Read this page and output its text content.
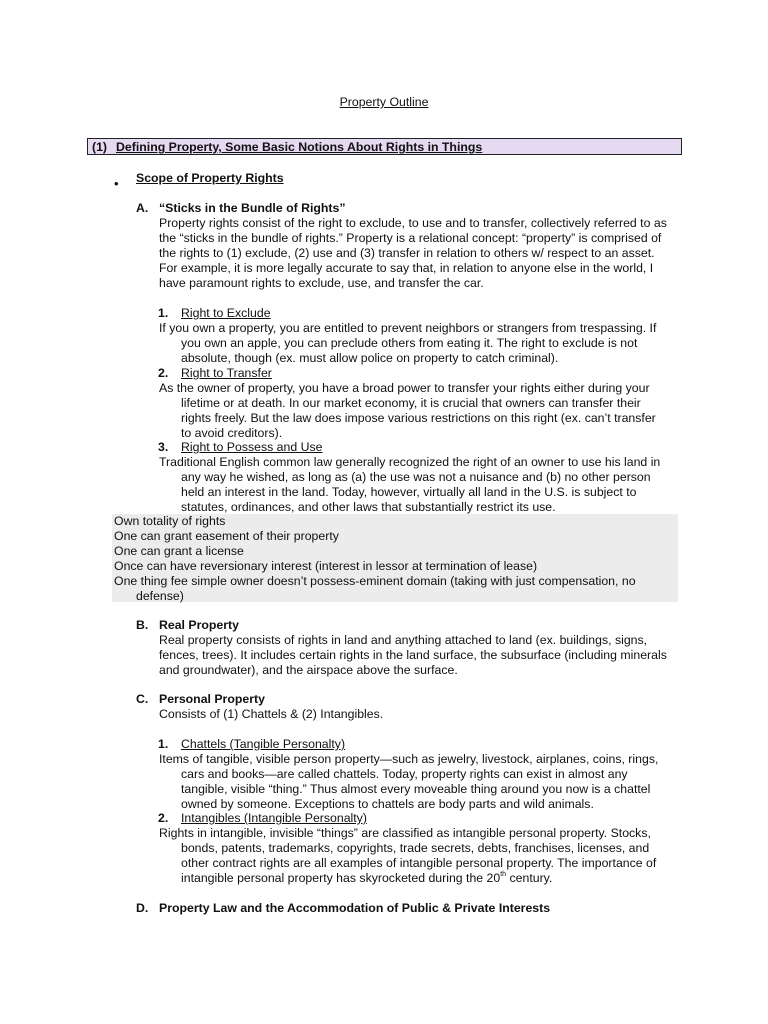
Property Outline
(1) Defining Property, Some Basic Notions About Rights in Things
• Scope of Property Rights
A. “Sticks in the Bundle of Rights”
Property rights consist of the right to exclude, to use and to transfer, collectively referred to as
the “sticks in the bundle of rights.” Property is a relational concept: “property” is comprised of
the rights to (1) exclude, (2) use and (3) transfer in relation to others w/ respect to an asset.
For example, it is more legally accurate to say that, in relation to anyone else in the world, I
have paramount rights to exclude, use, and transfer the car.
1. Right to Exclude
If you own a property, you are entitled to prevent neighbors or strangers from trespassing. If
you own an apple, you can preclude others from eating it. The right to exclude is not
absolute, though (ex. must allow police on property to catch criminal).
2. Right to Transfer
As the owner of property, you have a broad power to transfer your rights either during your
lifetime or at death. In our market economy, it is crucial that owners can transfer their
rights freely. But the law does impose various restrictions on this right (ex. can’t transfer
to avoid creditors).
3. Right to Possess and Use
Traditional English common law generally recognized the right of an owner to use his land in
any way he wished, as long as (a) the use was not a nuisance and (b) no other person
held an interest in the land. Today, however, virtually all land in the U.S. is subject to
statutes, ordinances, and other laws that substantially restrict its use.
Own totality of rights
One can grant easement of their property
One can grant a license
Once can have reversionary interest (interest in lessor at termination of lease)
One thing fee simple owner doesn’t possess-eminent domain (taking with just compensation, no
defense)
B. Real Property
Real property consists of rights in land and anything attached to land (ex. buildings, signs,
fences, trees). It includes certain rights in the land surface, the subsurface (including minerals
and groundwater), and the airspace above the surface.
C. Personal Property
Consists of (1) Chattels & (2) Intangibles.
1. Chattels (Tangible Personalty)
Items of tangible, visible person property—such as jewelry, livestock, airplanes, coins, rings,
cars and books—are called chattels. Today, property rights can exist in almost any
tangible, visible “thing.” Thus almost every moveable thing around you now is a chattel
owned by someone. Exceptions to chattels are body parts and wild animals.
2. Intangibles (Intangible Personalty)
Rights in intangible, invisible “things” are classified as intangible personal property. Stocks,
bonds, patents, trademarks, copyrights, trade secrets, debts, franchises, licenses, and
other contract rights are all examples of intangible personal property. The importance of
intangible personal property has skyrocketed during the 20th century.
D. Property Law and the Accommodation of Public & Private Interests
